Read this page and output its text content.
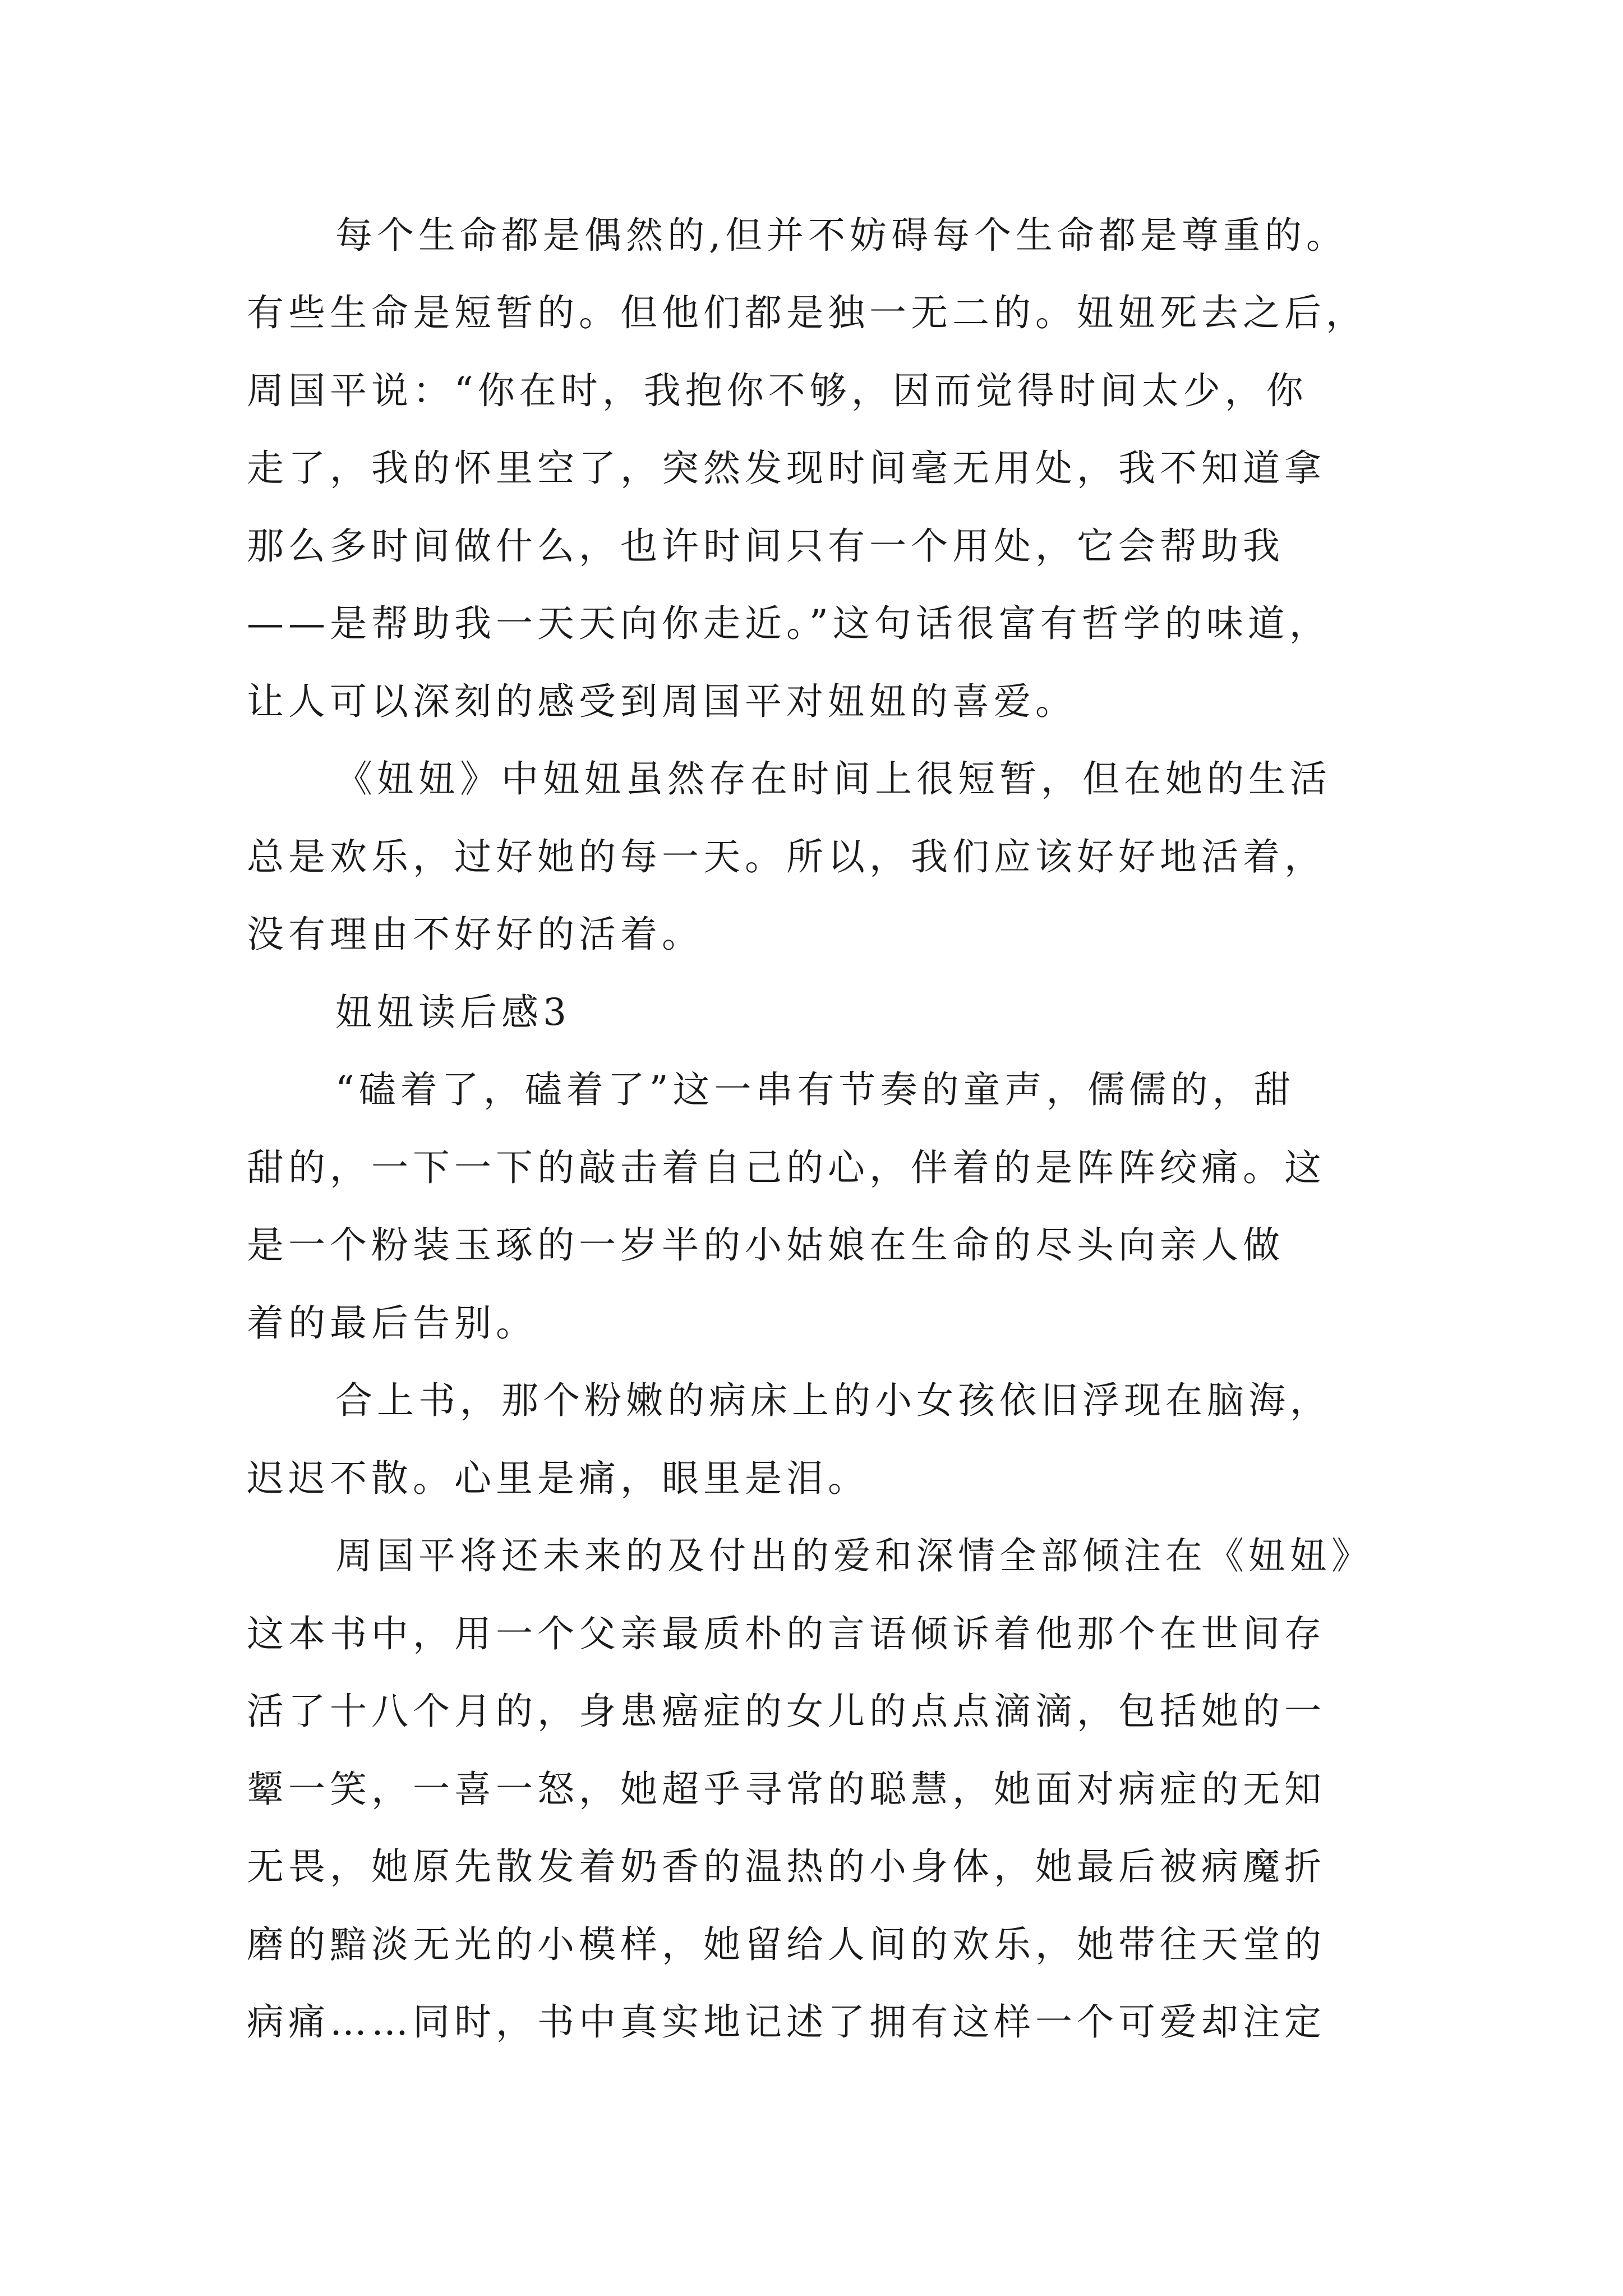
每个生命都是偶然的,但并不妨碍每个生命都是尊重的。
有些生命是短暂的。但他们都是独一无二的。妞妞死去之后，
周国平说：“你在时，我抱你不够，因而觉得时间太少，你
走了，我的怀里空了，突然发现时间毫无用处，我不知道拿
那么多时间做什么，也许时间只有一个用处，它会帮助我
——是帮助我一天天向你走近。”这句话很富有哲学的味道，
让人可以深刻的感受到周国平对妞妞的喜爱。
《妞妞》中妞妞虽然存在时间上很短暂，但在她的生活
总是欢乐，过好她的每一天。所以，我们应该好好地活着，
没有理由不好好的活着。
妞妞读后感3
“磕着了，磕着了”这一串有节奏的童声，儒儒的，甜
甜的，一下一下的敲击着自己的心，伴着的是阵阵绞痛。这
是一个粉装玉琢的一岁半的小姑娘在生命的尽头向亲人做
着的最后告别。
合上书，那个粉嫩的病床上的小女孩依旧浮现在脑海，
迟迟不散。心里是痛，眼里是泪。
周国平将还未来的及付出的爱和深情全部倾注在《妞妞》
这本书中，用一个父亲最质朴的言语倾诉着他那个在世间存
活了十八个月的，身患癌症的女儿的点点滴滴，包括她的一
颦一笑，一喜一怒，她超乎寻常的聪慧，她面对病症的无知
无畏，她原先散发着奶香的温热的小身体，她最后被病魔折
磨的黯淡无光的小模样，她留给人间的欢乐，她带往天堂的
病痛……同时，书中真实地记述了拥有这样一个可爱却注定
